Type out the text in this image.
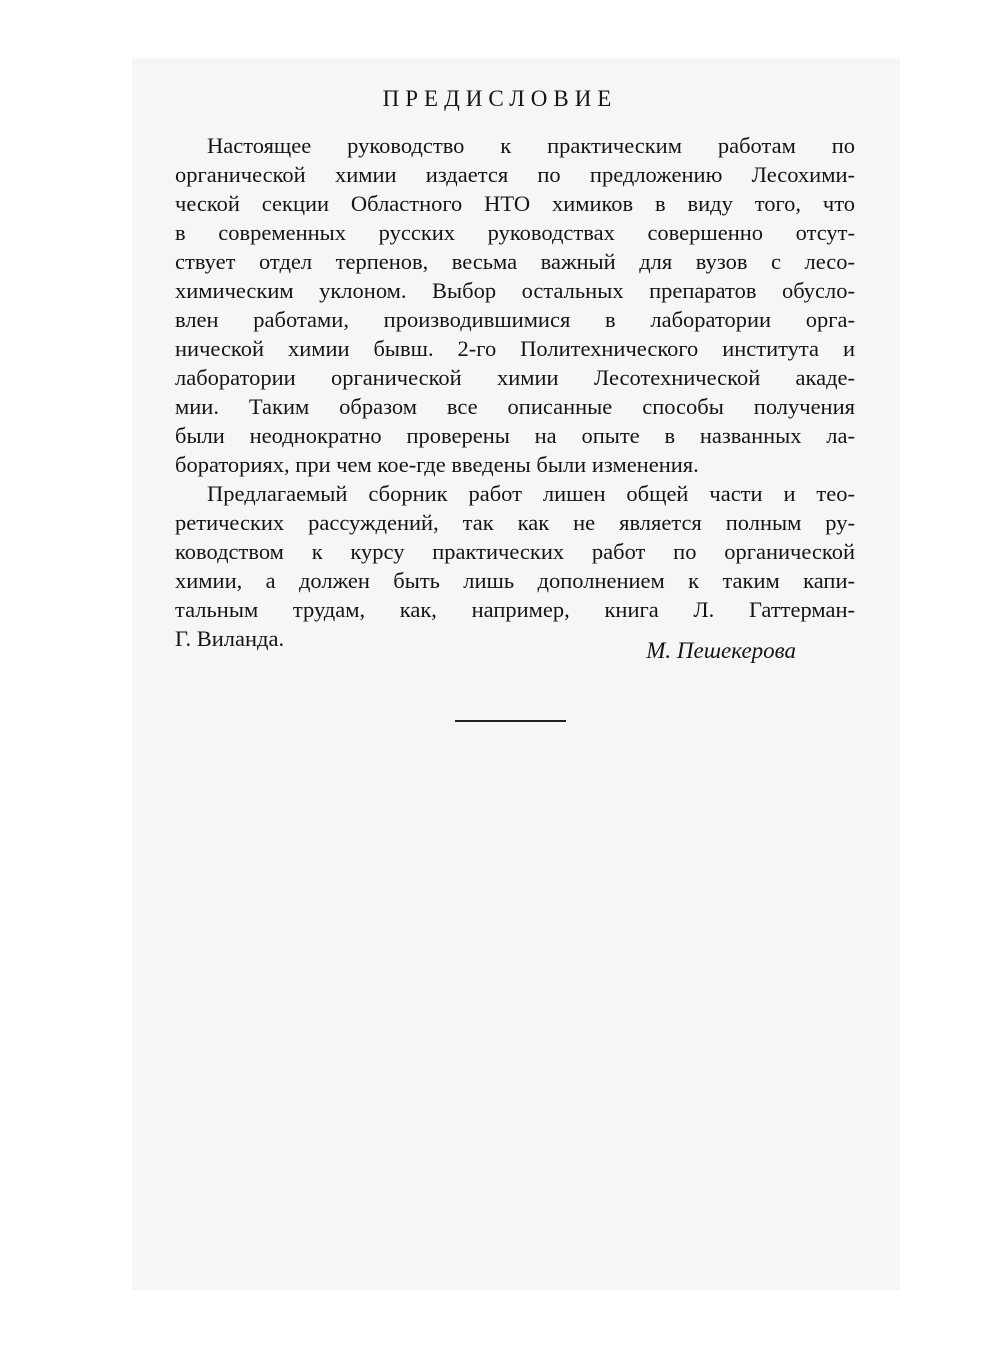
ПРЕДИСЛОВИЕ
Настоящее руководство к практическим работам по
органической химии издается по предложению Лесохими-
ческой секции Областного НТО химиков в виду того, что
в современных русских руководствах совершенно отсут-
ствует отдел терпенов, весьма важный для вузов с лесо-
химическим уклоном. Выбор остальных препаратов обусло-
влен работами, производившимися в лаборатории орга-
нической химии бывш. 2-го Политехнического института и
лаборатории органической химии Лесотехнической акаде-
мии. Таким образом все описанные способы получения
были неоднократно проверены на опыте в названных ла-
бораториях, при чем кое-где введены были изменения.
Предлагаемый сборник работ лишен общей части и тео-
ретических рассуждений, так как не является полным ру-
ководством к курсу практических работ по органической
химии, а должен быть лишь дополнением к таким капи-
тальным трудам, как, например, книга Л. Гаттерман-
Г. Виланда.	М. Пешекерова
